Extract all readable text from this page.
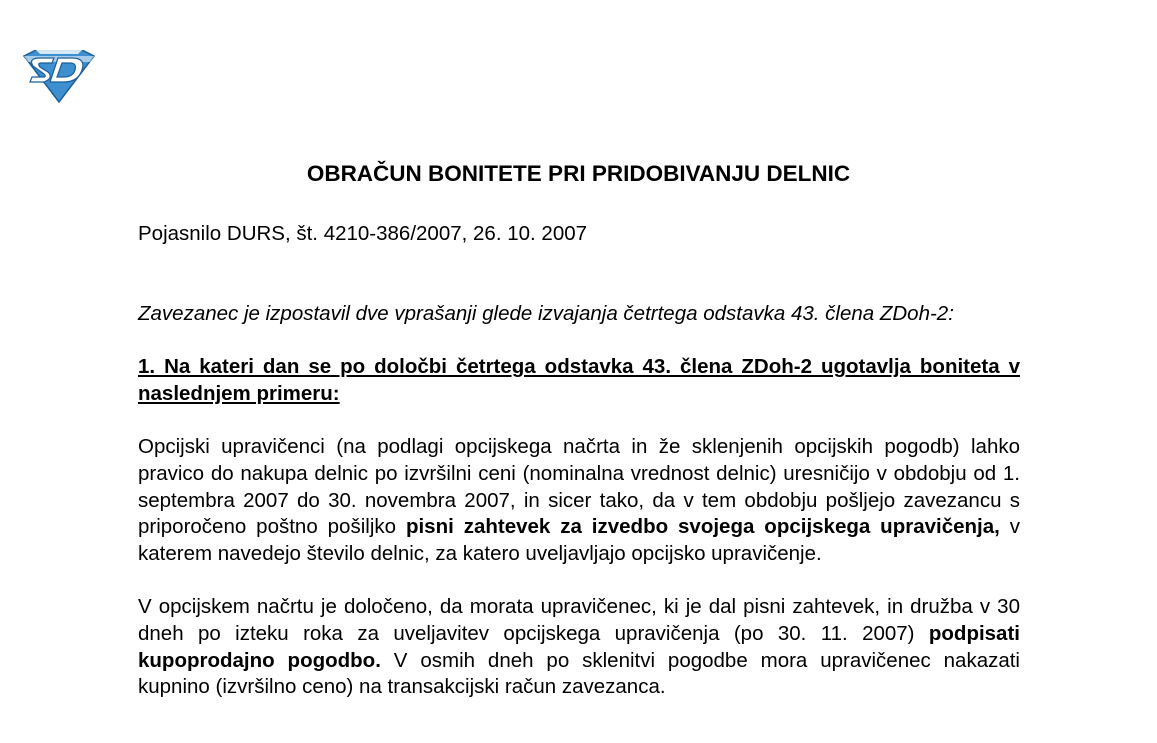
OBRAČUN BONITETE PRI PRIDOBIVANJU DELNIC

Pojasnilo DURS, št. 4210-386/2007, 26. 10. 2007

Zavezanec je izpostavil dve vprašanji glede izvajanja četrtega odstavka 43. člena ZDoh-2:

1. Na kateri dan se po določbi četrtega odstavka 43. člena ZDoh-2 ugotavlja boniteta v naslednjem primeru:

Opcijski upravičenci (na podlagi opcijskega načrta in že sklenjenih opcijskih pogodb) lahko pravico do nakupa delnic po izvršilni ceni (nominalna vrednost delnic) uresničijo v obdobju od 1. septembra 2007 do 30. novembra 2007, in sicer tako, da v tem obdobju pošljejo zavezancu s priporočeno poštno pošiljko pisni zahtevek za izvedbo svojega opcijskega upravičenja, v katerem navedejo število delnic, za katero uveljavljajo opcijsko upravičenje.

V opcijskem načrtu je določeno, da morata upravičenec, ki je dal pisni zahtevek, in družba v 30 dneh po izteku roka za uveljavitev opcijskega upravičenja (po 30. 11. 2007) podpisati kupoprodajno pogodbo. V osmih dneh po sklenitvi pogodbe mora upravičenec nakazati kupnino (izvršilno ceno) na transakcijski račun zavezanca.
